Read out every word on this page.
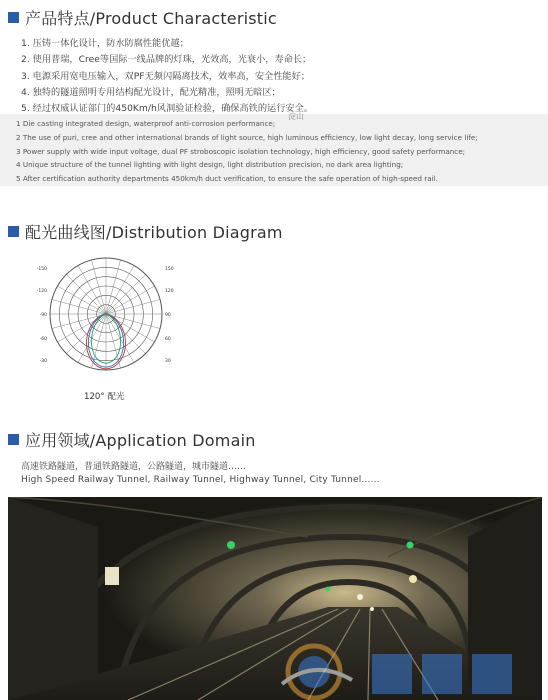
产品特点/Product Characteristic
1. 压铸一体化设计，防水防腐性能优越；
2. 使用普瑞，Cree等国际一线品牌的灯珠，光效高，光衰小，寿命长；
3. 电源采用宽电压输入，双PF无频闪隔离技术，效率高，安全性能好；
4. 独特的隧道照明专用结构配光设计，配光精准，照明无暗区；
5. 经过权威认证部门的450Km/h风洞验证检验，确保高铁的运行安全。
淀山
1 Die casting integrated design, waterproof anti-corrosion performance;
2 The use of puri, cree and other international brands of light source, high luminous efficiency, low light decay, long service life;
3 Power supply with wide input voltage, dual PF stroboscopic isolation technology, high efficiency, good safety performance;
4 Unique structure of the tunnel lighting with light design, light distribution precision, no dark area lighting;
5 After certification authority departments 450km/h duct verification, to ensure the safe operation of high-speed rail.
配光曲线图/Distribution Diagram
-150
-120
-90
-60
-30
150
120
90
60
30
120° 配光
应用领域/Application Domain
高速铁路隧道，普通铁路隧道，公路隧道，城市隧道……
High Speed Railway Tunnel, Railway Tunnel, Highway Tunnel, City Tunnel......
